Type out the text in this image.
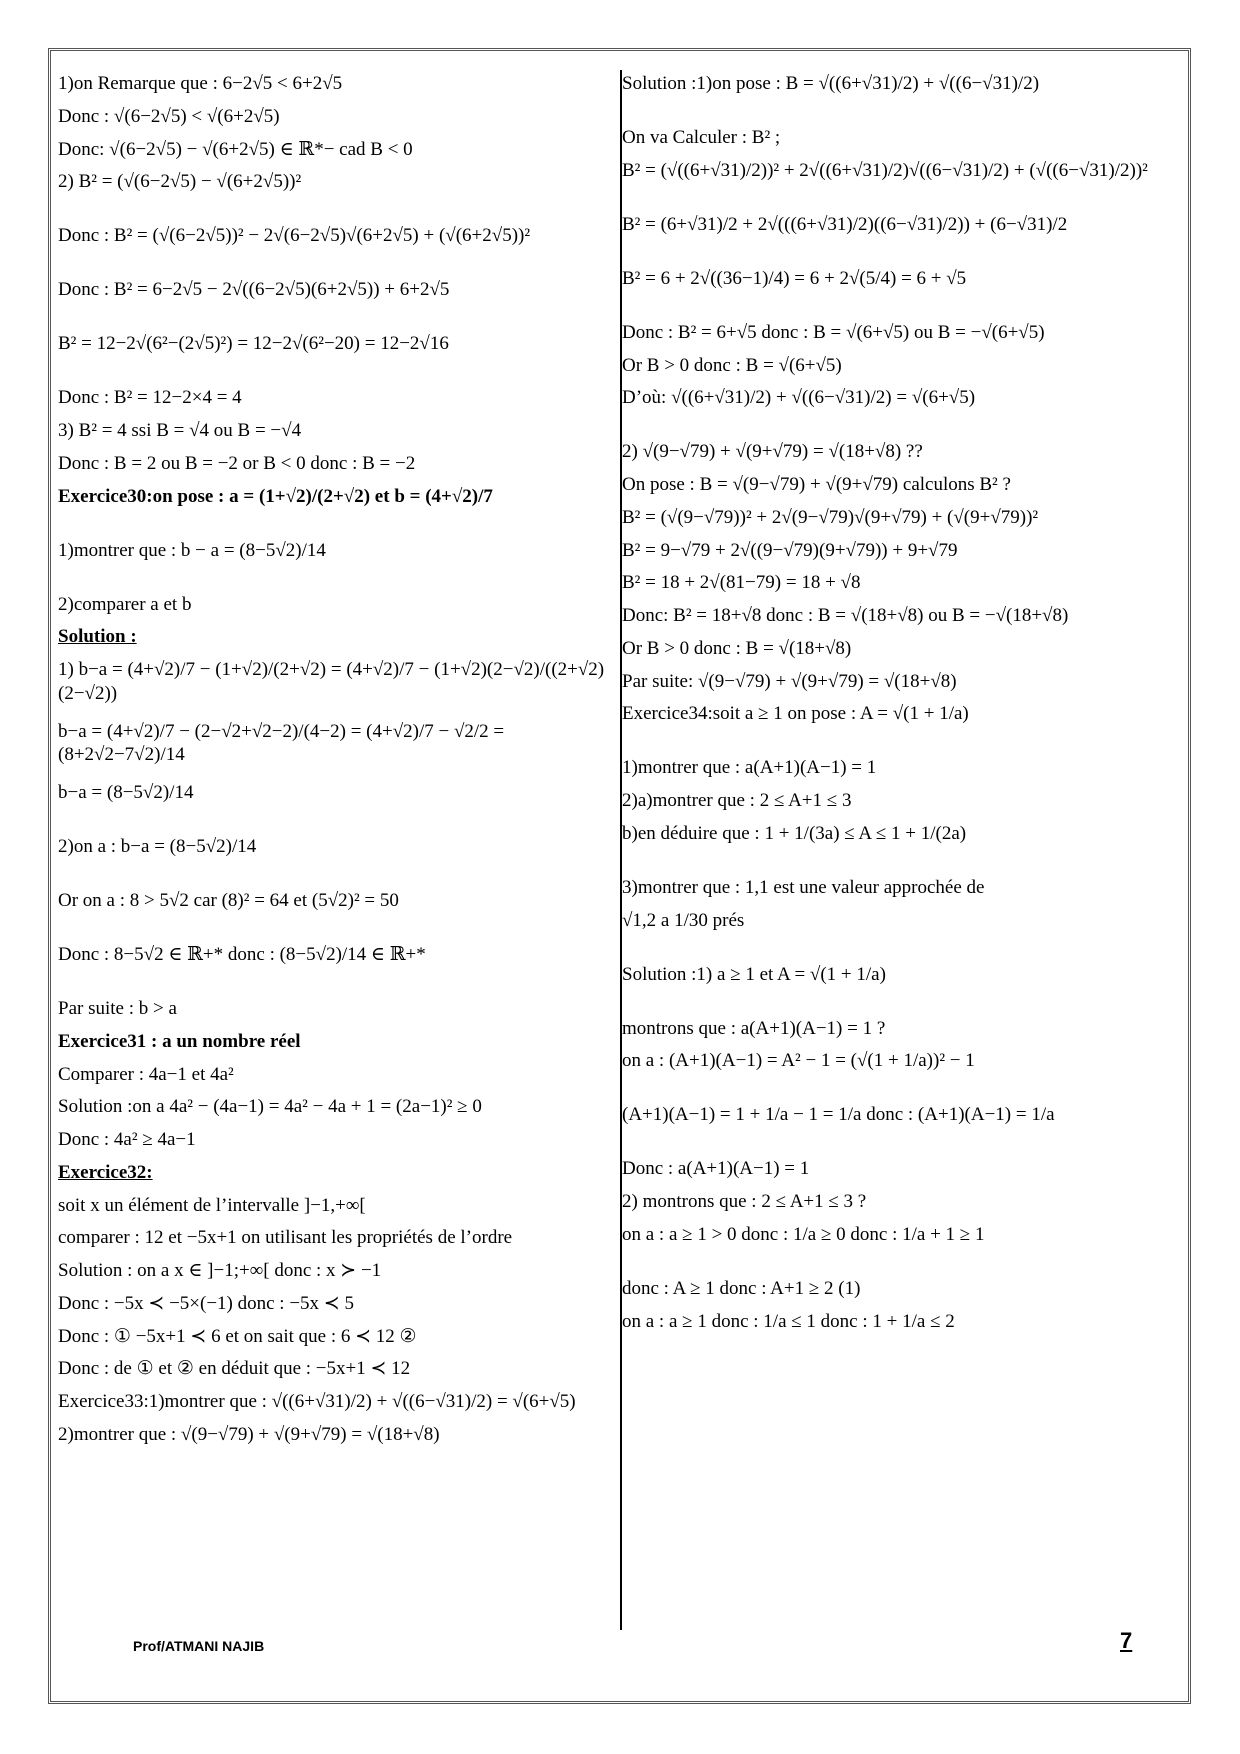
1)on Remarque que : 6−2√5 < 6+2√5
Donc : √(6−2√5) < √(6+2√5)
Donc: √(6−2√5) − √(6+2√5) ∈ ℝ*− cad B < 0
2) B² = (√(6−2√5) − √(6+2√5))²
Donc : B² = (√(6−2√5))² − 2√(6−2√5)√(6+2√5) + (√(6+2√5))²
Donc : B² = 6−2√5 − 2√((6−2√5)(6+2√5)) + 6+2√5
B² = 12−2√(6²−(2√5)²) = 12−2√(6²−20) = 12−2√16
Donc : B² = 12−2×4 = 4
3) B² = 4 ssi B = √4 ou B = −√4
Donc : B = 2 ou B = −2 or B < 0 donc : B = −2
Exercice30:on pose : a = (1+√2)/(2+√2) et b = (4+√2)/7
1)montrer que : b − a = (8−5√2)/14
2)comparer a et b
Solution :
1) b−a = (4+√2)/7 − (1+√2)/(2+√2) = (4+√2)/7 − (1+√2)(2−√2)/((2+√2)(2−√2))
b−a = (4+√2)/7 − (2−√2+√2−2)/(4−2) = (4+√2)/7 − √2/2 = (8+2√2−7√2)/14
b−a = (8−5√2)/14
2)on a : b−a = (8−5√2)/14
Or on a : 8 > 5√2 car (8)² = 64 et (5√2)² = 50
Donc : 8−5√2 ∈ ℝ+* donc : (8−5√2)/14 ∈ ℝ+*
Par suite : b > a
Exercice31 : a un nombre réel
Comparer : 4a−1 et 4a²
Solution :on a 4a² − (4a−1) = 4a² − 4a + 1 = (2a−1)² ≥ 0
Donc : 4a² ≥ 4a−1
Exercice32:
soit x un élément de l’intervalle ]−1,+∞[
comparer : 12 et −5x+1 on utilisant les propriétés de l’ordre
Solution : on a x ∈ ]−1;+∞[ donc : x ≻ −1
Donc : −5x ≺ −5×(−1) donc : −5x ≺ 5
Donc : ① −5x+1 ≺ 6 et on sait que : 6 ≺ 12 ②
Donc : de ① et ② en déduit que : −5x+1 ≺ 12
Exercice33:1)montrer que : √((6+√31)/2) + √((6−√31)/2) = √(6+√5)
2)montrer que : √(9−√79) + √(9+√79) = √(18+√8)
Solution :1)on pose : B = √((6+√31)/2) + √((6−√31)/2)
On va Calculer : B² ;
B² = (√((6+√31)/2))² + 2√((6+√31)/2)√((6−√31)/2) + (√((6−√31)/2))²
B² = (6+√31)/2 + 2√(((6+√31)/2)((6−√31)/2)) + (6−√31)/2
B² = 6 + 2√((36−1)/4) = 6 + 2√(5/4) = 6 + √5
Donc : B² = 6+√5 donc : B = √(6+√5) ou B = −√(6+√5)
Or B > 0 donc : B = √(6+√5)
D’où: √((6+√31)/2) + √((6−√31)/2) = √(6+√5)
2) √(9−√79) + √(9+√79) = √(18+√8) ??
On pose : B = √(9−√79) + √(9+√79) calculons B² ?
B² = (√(9−√79))² + 2√(9−√79)√(9+√79) + (√(9+√79))²
B² = 9−√79 + 2√((9−√79)(9+√79)) + 9+√79
B² = 18 + 2√(81−79) = 18 + √8
Donc: B² = 18+√8 donc : B = √(18+√8) ou B = −√(18+√8)
Or B > 0 donc : B = √(18+√8)
Par suite: √(9−√79) + √(9+√79) = √(18+√8)
Exercice34:soit a ≥ 1 on pose : A = √(1 + 1/a)
1)montrer que : a(A+1)(A−1) = 1
2)a)montrer que : 2 ≤ A+1 ≤ 3
b)en déduire que : 1 + 1/(3a) ≤ A ≤ 1 + 1/(2a)
3)montrer que : 1,1 est une valeur approchée de
√1,2 a 1/30 prés
Solution :1) a ≥ 1 et A = √(1 + 1/a)
montrons que : a(A+1)(A−1) = 1 ?
on a : (A+1)(A−1) = A² − 1 = (√(1 + 1/a))² − 1
(A+1)(A−1) = 1 + 1/a − 1 = 1/a donc : (A+1)(A−1) = 1/a
Donc : a(A+1)(A−1) = 1
2) montrons que : 2 ≤ A+1 ≤ 3 ?
on a : a ≥ 1 > 0 donc : 1/a ≥ 0 donc : 1/a + 1 ≥ 1
donc : A ≥ 1 donc : A+1 ≥ 2 (1)
on a : a ≥ 1 donc : 1/a ≤ 1 donc : 1 + 1/a ≤ 2
Prof/ATMANI NAJIB	7
